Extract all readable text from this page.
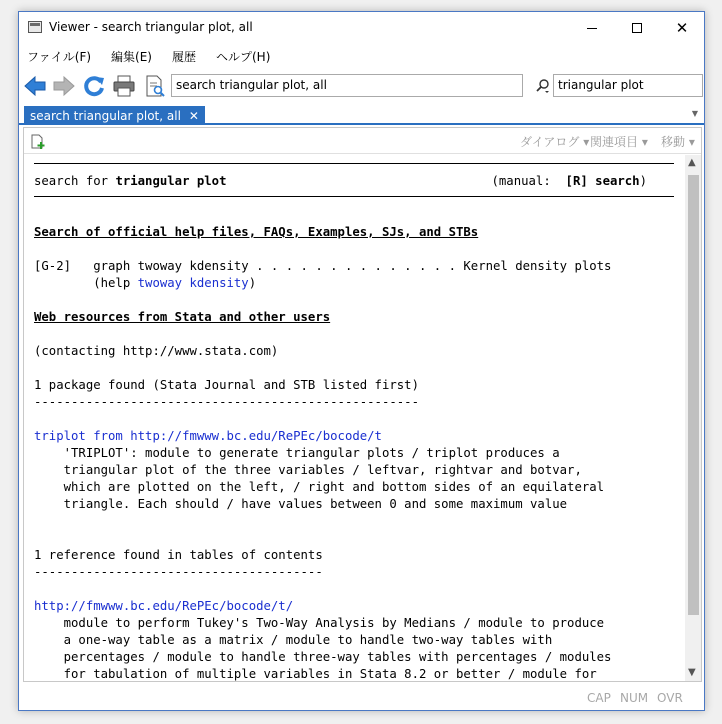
Viewer - search triangular plot, all	✕
ファイル(F) 編集(E) 履歴 ヘルプ(H)
search triangular plot, all	triangular plot
search triangular plot, all ✕	▼
ダイアログ ▾ 関連項目 ▾ 移動 ▾
search for triangular plot	(manual:  [R] search)
Search of official help files, FAQs, Examples, SJs, and STBs
[G-2]   graph twoway kdensity . . . . . . . . . . . . . . Kernel density plots
(help twoway kdensity)
Web resources from Stata and other users
(contacting http://www.stata.com)
1 package found (Stata Journal and STB listed first)
----------------------------------------------------
triplot from http://fmwww.bc.edu/RePEc/bocode/t
'TRIPLOT': module to generate triangular plots / triplot produces a
triangular plot of the three variables / leftvar, rightvar and botvar,
which are plotted on the left, / right and bottom sides of an equilateral
triangle. Each should / have values between 0 and some maximum value
1 reference found in tables of contents
---------------------------------------
http://fmwww.bc.edu/RePEc/bocode/t/
module to perform Tukey's Two-Way Analysis by Medians / module to produce
a one-way table as a matrix / module to handle two-way tables with
percentages / module to handle three-way tables with percentages / modules
for tabulation of multiple variables in Stata 8.2 or better / module for
▲
▼
CAP NUM OVR
